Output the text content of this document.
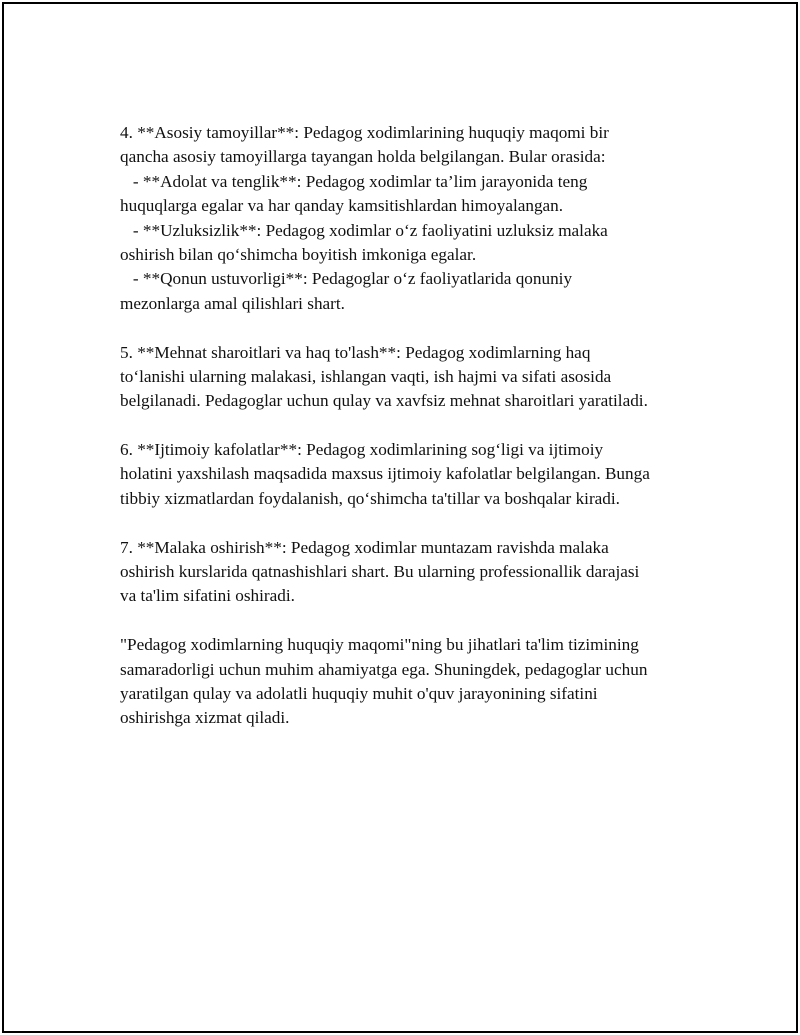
4. **Asosiy tamoyillar**: Pedagog xodimlarining huquqiy maqomi bir
qancha asosiy tamoyillarga tayangan holda belgilangan. Bular orasida:
- **Adolat va tenglik**: Pedagog xodimlar ta’lim jarayonida teng
huquqlarga egalar va har qanday kamsitishlardan himoyalangan.
- **Uzluksizlik**: Pedagog xodimlar o‘z faoliyatini uzluksiz malaka
oshirish bilan qo‘shimcha boyitish imkoniga egalar.
- **Qonun ustuvorligi**: Pedagoglar o‘z faoliyatlarida qonuniy
mezonlarga amal qilishlari shart.
5. **Mehnat sharoitlari va haq to'lash**: Pedagog xodimlarning haq
to‘lanishi ularning malakasi, ishlangan vaqti, ish hajmi va sifati asosida
belgilanadi. Pedagoglar uchun qulay va xavfsiz mehnat sharoitlari yaratiladi.
6. **Ijtimoiy kafolatlar**: Pedagog xodimlarining sog‘ligi va ijtimoiy
holatini yaxshilash maqsadida maxsus ijtimoiy kafolatlar belgilangan. Bunga
tibbiy xizmatlardan foydalanish, qo‘shimcha ta'tillar va boshqalar kiradi.
7. **Malaka oshirish**: Pedagog xodimlar muntazam ravishda malaka
oshirish kurslarida qatnashishlari shart. Bu ularning professionallik darajasi
va ta'lim sifatini oshiradi.
"Pedagog xodimlarning huquqiy maqomi"ning bu jihatlari ta'lim tizimining
samaradorligi uchun muhim ahamiyatga ega. Shuningdek, pedagoglar uchun
yaratilgan qulay va adolatli huquqiy muhit o'quv jarayonining sifatini
oshirishga xizmat qiladi.
